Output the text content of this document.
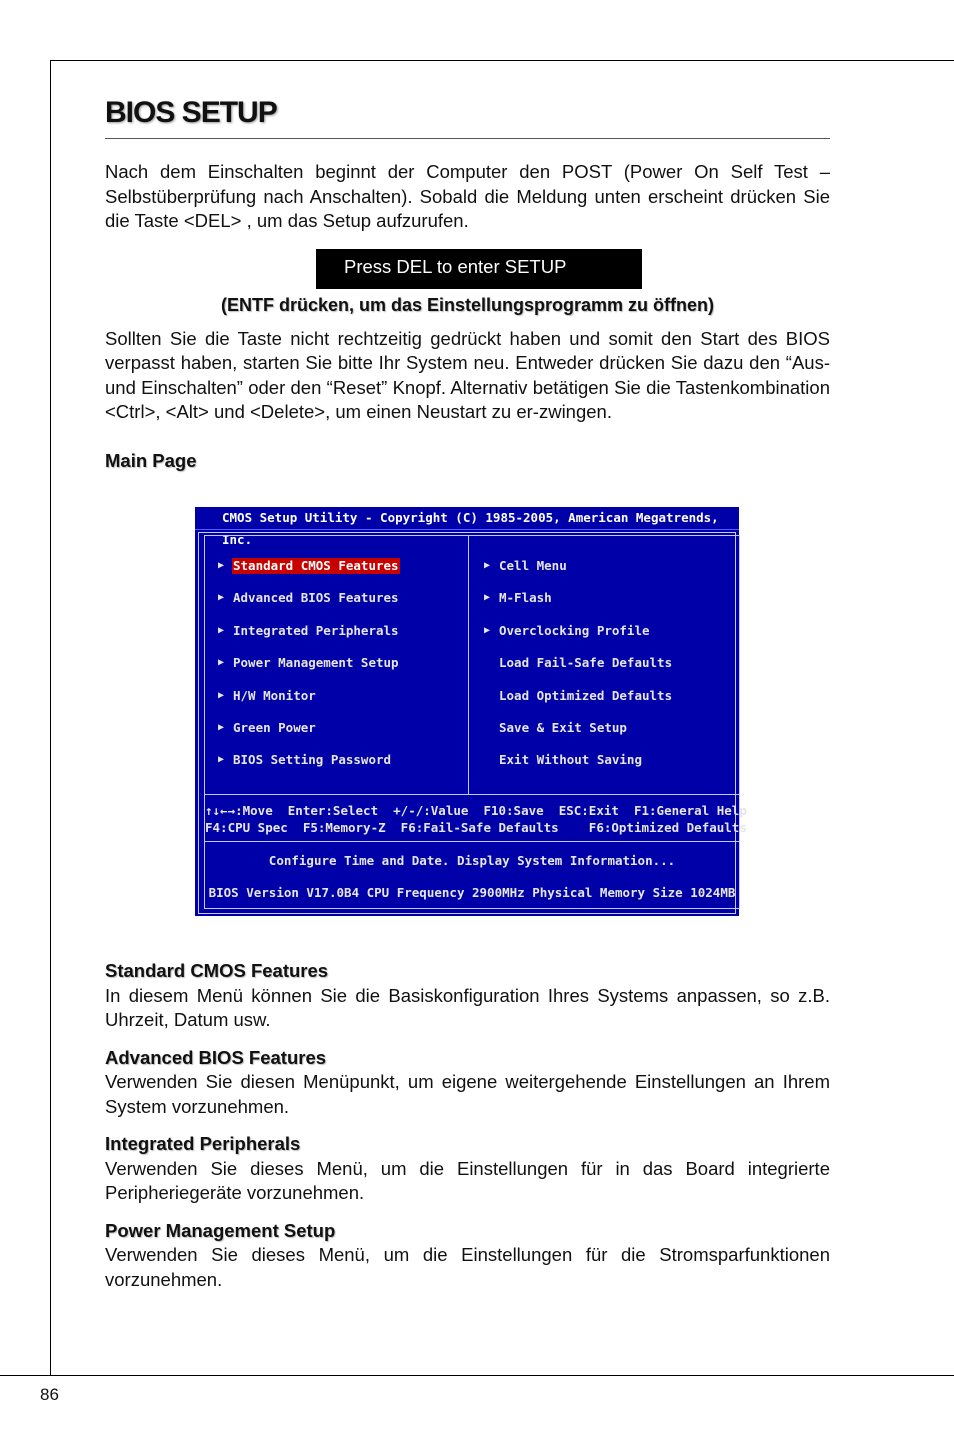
86
BIOS SETUP

Nach dem Einschalten beginnt der Computer den POST (Power On Self Test – Selbstüberprüfung nach Anschalten). Sobald die Meldung unten erscheint drücken Sie die Taste <DEL> , um das Setup aufzurufen.

Press DEL to enter SETUP
(ENTF drücken, um das Einstellungsprogramm zu öffnen)

Sollten Sie die Taste nicht rechtzeitig gedrückt haben und somit den Start des BIOS verpasst haben, starten Sie bitte Ihr System neu. Entweder drücken Sie dazu den “Aus- und Einschalten” oder den “Reset” Knopf. Alternativ betätigen Sie die Tastenkombination <Ctrl>, <Alt> und <Delete>, um einen Neustart zu er-zwingen.

Main Page

CMOS Setup Utility - Copyright (C) 1985-2005, American Megatrends, Inc.
▶ Standard CMOS Features
▶ Advanced BIOS Features
▶ Integrated Peripherals
▶ Power Management Setup
▶ H/W Monitor
▶ Green Power
▶ BIOS Setting Password
▶ Cell Menu
▶ M-Flash
▶ Overclocking Profile
Load Fail-Safe Defaults
Load Optimized Defaults
Save & Exit Setup
Exit Without Saving
↑↓←→:Move  Enter:Select  +/-/:Value  F10:Save  ESC:Exit  F1:General Help
F4:CPU Spec  F5:Memory-Z  F6:Fail-Safe Defaults    F6:Optimized Defaults
Configure Time and Date. Display System Information...
BIOS Version V17.0B4 CPU Frequency 2900MHz Physical Memory Size 1024MB

Standard CMOS Features

In diesem Menü können Sie die Basiskonfiguration Ihres Systems anpassen, so z.B. Uhrzeit, Datum usw.

Advanced BIOS Features

Verwenden Sie diesen Menüpunkt, um eigene weitergehende Einstellungen an Ihrem System vorzunehmen.

Integrated Peripherals

Verwenden Sie dieses Menü, um die Einstellungen für in das Board integrierte Peripheriegeräte vorzunehmen.

Power Management Setup

Verwenden Sie dieses Menü, um die Einstellungen für die Stromsparfunktionen vorzunehmen.
